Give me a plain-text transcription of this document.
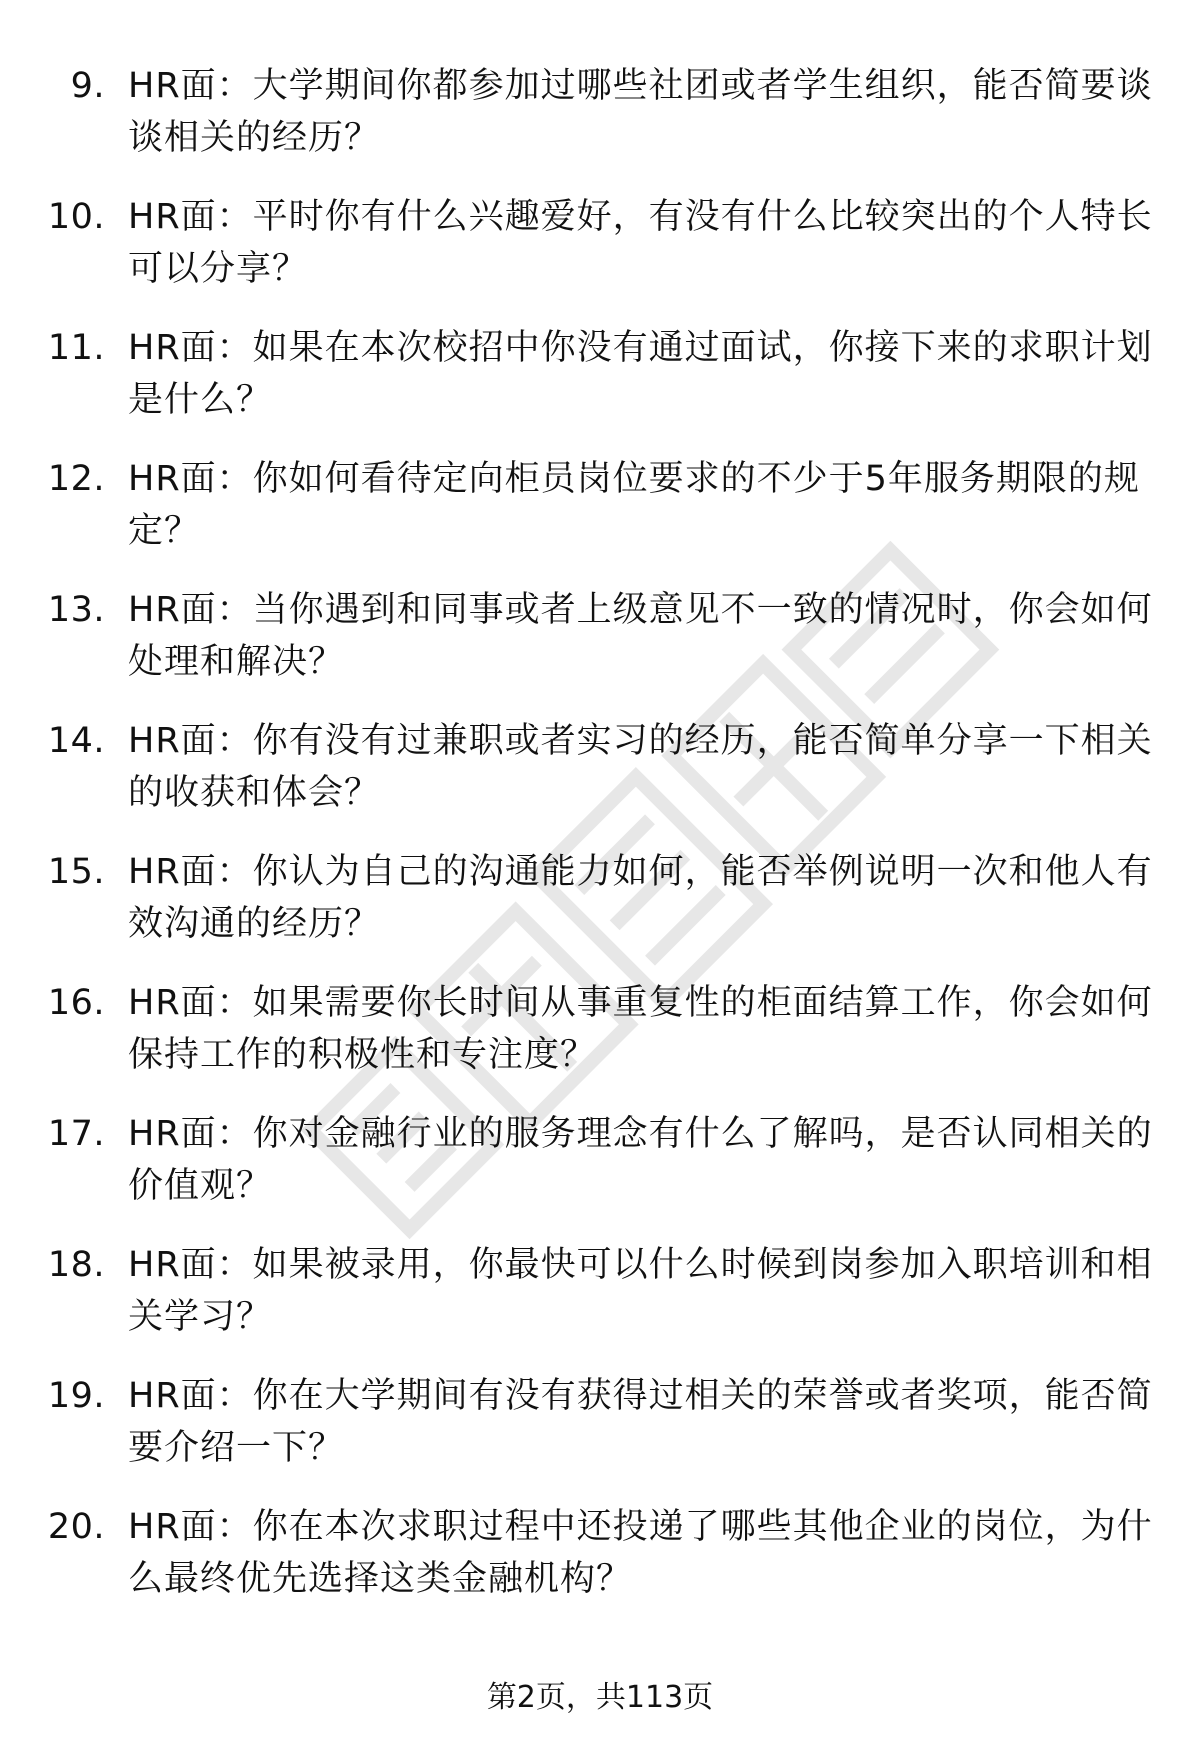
9. HR面：大学期间你都参加过哪些社团或者学生组织，能否简要谈谈相关的经历？
10. HR面：平时你有什么兴趣爱好，有没有什么比较突出的个人特长可以分享？
11. HR面：如果在本次校招中你没有通过面试，你接下来的求职计划是什么？
12. HR面：你如何看待定向柜员岗位要求的不少于5年服务期限的规定？
13. HR面：当你遇到和同事或者上级意见不一致的情况时，你会如何处理和解决？
14. HR面：你有没有过兼职或者实习的经历，能否简单分享一下相关的收获和体会？
15. HR面：你认为自己的沟通能力如何，能否举例说明一次和他人有效沟通的经历？
16. HR面：如果需要你长时间从事重复性的柜面结算工作，你会如何保持工作的积极性和专注度？
17. HR面：你对金融行业的服务理念有什么了解吗，是否认同相关的价值观？
18. HR面：如果被录用，你最快可以什么时候到岗参加入职培训和相关学习？
19. HR面：你在大学期间有没有获得过相关的荣誉或者奖项，能否简要介绍一下？
20. HR面：你在本次求职过程中还投递了哪些其他企业的岗位，为什么最终优先选择这类金融机构？
第2页，共113页
